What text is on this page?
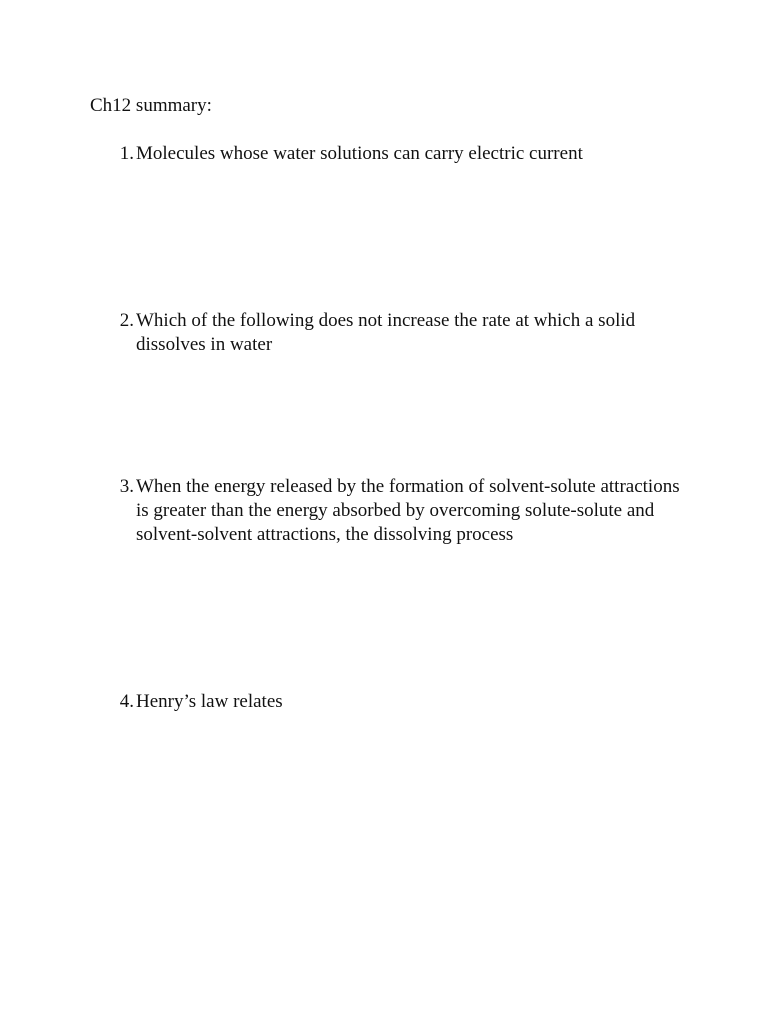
Ch12 summary:
1. Molecules whose water solutions can carry electric current
2. Which of the following does not increase the rate at which a solid dissolves in water
3. When the energy released by the formation of solvent-solute attractions is greater than the energy absorbed by overcoming solute-solute and solvent-solvent attractions, the dissolving process
4. Henry’s law relates
